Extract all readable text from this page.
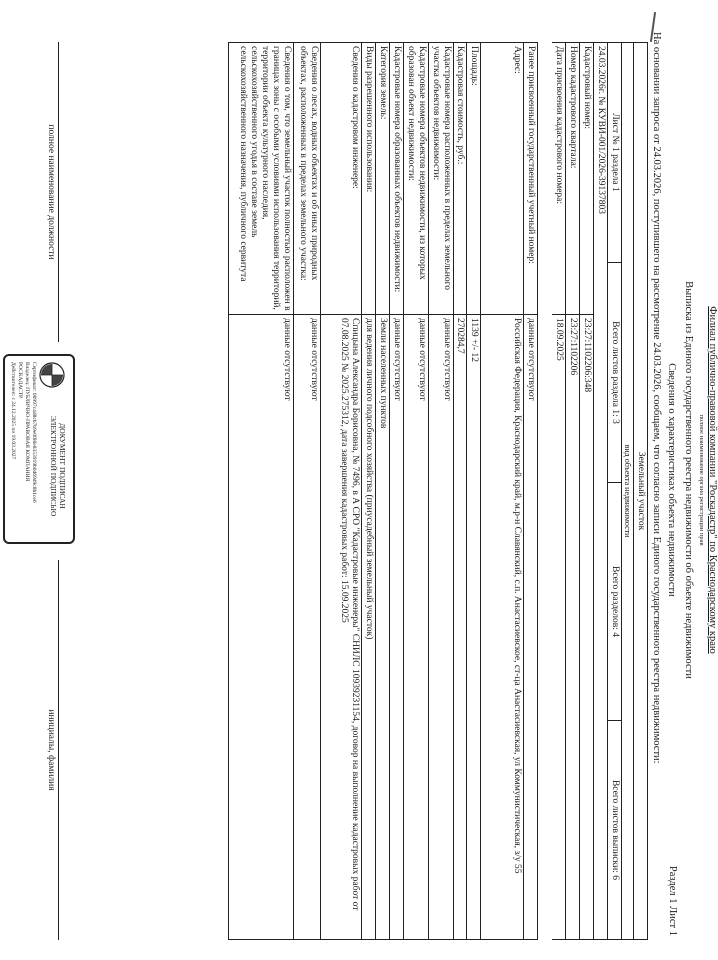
Филиал публично-правовой компании "Роскадастр" по Краснодарскому краю
полное наименование органа регистрации прав
Выписка из Единого государственного реестра недвижимости об объекте недвижимости
Сведения о характеристиках объекта недвижимости
Раздел 1 Лист 1
На основании запроса от 24.03.2026, поступившего на рассмотрение 24.03.2026, сообщаем, что согласно записи Единого государственного реестра недвижимости:
Земельный участок
вид объекта недвижимости
Лист № 1 раздела 1
Всего листов раздела 1: 3
Всего разделов: 4
Всего листов выписки: 6
24.03.2026г. № КУВИ-001/2026-39137803
Кадастровый номер:
23:27:1102206:348
Номер кадастрового квартала:
23:27:1102206
Дата присвоения кадастрового номера:
18.09.2025
Ранее присвоенный государственный учетный номер:
данные отсутствуют
Адрес:
Российская Федерация, Краснодарский край, м.р-н Славянский, с.п. Анастасиевское, ст-ца Анастасиевская, ул Коммунистическая, з/у 55
Площадь:
1139 +/- 12
Кадастровая стоимость, руб.:
270284,7
Кадастровые номера расположенных в пределах земельного участка объектов недвижимости:
данные отсутствуют
Кадастровые номера объектов недвижимости, из которых образован объект недвижимости:
данные отсутствуют
Кадастровые номера образованных объектов недвижимости:
данные отсутствуют
Категория земель:
Земли населенных пунктов
Виды разрешенного использования:
для ведения личного подсобного хозяйства (приусадебный земельный участок)
Сведения о кадастровом инженере:
Спицына Александра Борисовна, № 7496, в А СРО "Кадастровые инженеры" СНИЛС 10939231154, договор на выполнение кадастровых работ от 07.08.2025 № 2025.275312, дата завершения кадастровых работ: 15.09.2025
Сведения о лесах, водных объектах и об иных природных объектах, расположенных в пределах земельного участка:
данные отсутствуют
Сведения о том, что земельный участок полностью расположен в границах зоны с особыми условиями использования территорий, территории объекта культурного наследия, сельскохозяйственного угодья в составе земель сельскохозяйственного назначения, публичного сервитута
данные отсутствуют
полное наименование должности
ДОКУМЕНТ ПОДПИСАН ЭЛЕКТРОННОЙ ПОДПИСЬЮ
Сертификат: 00997c4d8cb7b9e0f80e8353919b0d69d9c8b1ce6
Владелец: ПУБЛИЧНО-ПРАВОВАЯ КОМПАНИЯ
РОСКАДАСТР
Действителен: с 24.12.2025 по 19.03.2027
инициалы, фамилия
